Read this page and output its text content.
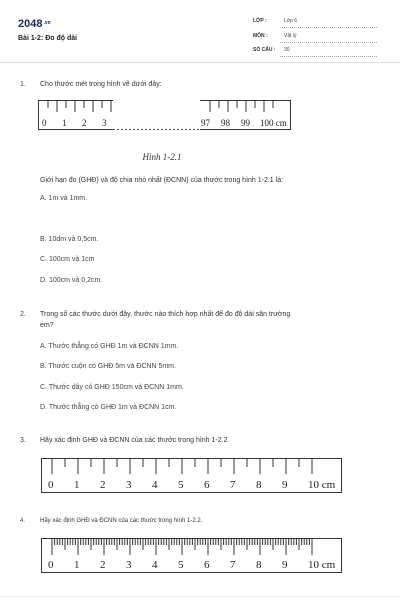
$2048^{.vn}$
Bài 1-2: Đo độ dài
LỚP :	Lớp 6
MÔN :	Vật lý
SỐ CÂU : 30
1. Cho thước mét trong hình vẽ dưới đây:
0 1 2 3	97 98 99 100 cm
Hình 1-2.1
Giới hạn đo (GHĐ) và độ chia nhỏ nhất (ĐCNN) của thước trong hình 1-2.1 là:
A. 1m và 1mm.
B. 10dm và 0,5cm.
C. 100cm và 1cm
D. 100cm và 0,2cm.
2. Trong số các thước dưới đây, thước nào thích hợp nhất để đo độ dài sân trường
em?
A. Thước thẳng có GHĐ 1m và ĐCNN 1mm.
B. Thước cuộn có GHĐ 5m và ĐCNN 5mm.
C. Thước dây có GHĐ 150cm và ĐCNN 1mm.
D. Thước thẳng có GHĐ 1m và ĐCNN 1cm.
3. Hãy xác định GHĐ và ĐCNN của các thước trong hình 1-2.2.
0 1 2 3 4 5 6 7 8 9 10 cm
4. Hãy xác định GHĐ và ĐCNN của các thước trong hình 1-2.2.
0 1 2 3 4 5 6 7 8 9 10 cm
